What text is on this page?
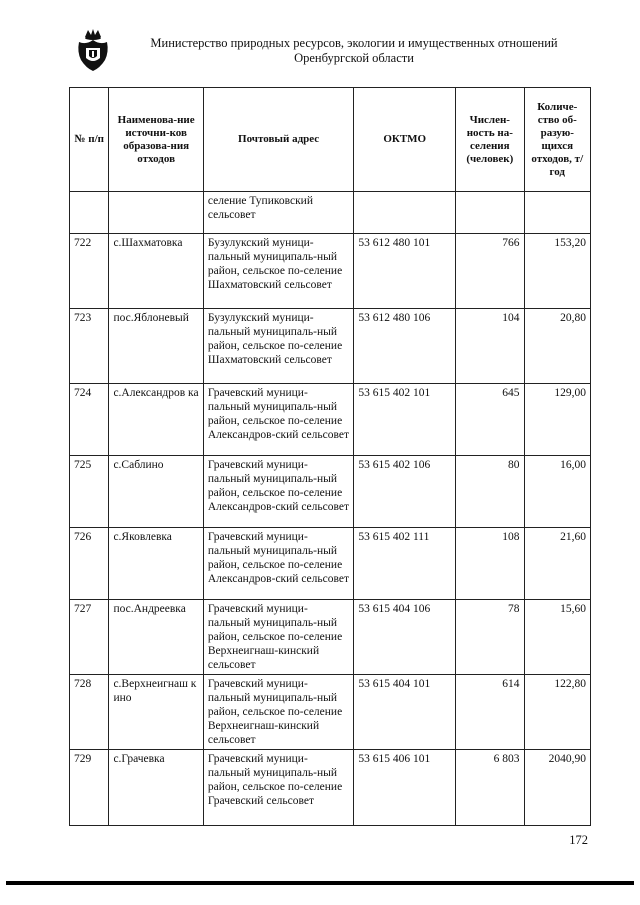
Министерство природных ресурсов, экологии и имущественных отношений
Оренбургской области
№ п/п	Наименова-ние источни-ков образова-ния отходов	Почтовый адрес	ОКТМО	Числен-ность на-селения (человек)	Количе-ство об-разую-щихся отходов, т/год
		селение Тупиковский сельсовет			
722	с.Шахматовка	Бузулукский муници-пальный муниципаль-ный район, сельское по-селение Шахматовский сельсовет	53 612 480 101	766	153,20
723	пос.Яблоневый	Бузулукский муници-пальный муниципаль-ный район, сельское по-селение Шахматовский сельсовет	53 612 480 106	104	20,80
724	с.Александров ка	Грачевский муници-пальный муниципаль-ный район, сельское по-селение Александров-ский сельсовет	53 615 402 101	645	129,00
725	с.Саблино	Грачевский муници-пальный муниципаль-ный район, сельское по-селение Александров-ский сельсовет	53 615 402 106	80	16,00
726	с.Яковлевка	Грачевский муници-пальный муниципаль-ный район, сельское по-селение Александров-ский сельсовет	53 615 402 111	108	21,60
727	пос.Андреевка	Грачевский муници-пальный муниципаль-ный район, сельское по-селение Верхнеигнаш-кинский сельсовет	53 615 404 106	78	15,60
728	с.Верхнеигнаш кино	Грачевский муници-пальный муниципаль-ный район, сельское по-селение Верхнеигнаш-кинский сельсовет	53 615 404 101	614	122,80
729	с.Грачевка	Грачевский муници-пальный муниципаль-ный район, сельское по-селение Грачевский сельсовет	53 615 406 101	6 803	2040,90
172
